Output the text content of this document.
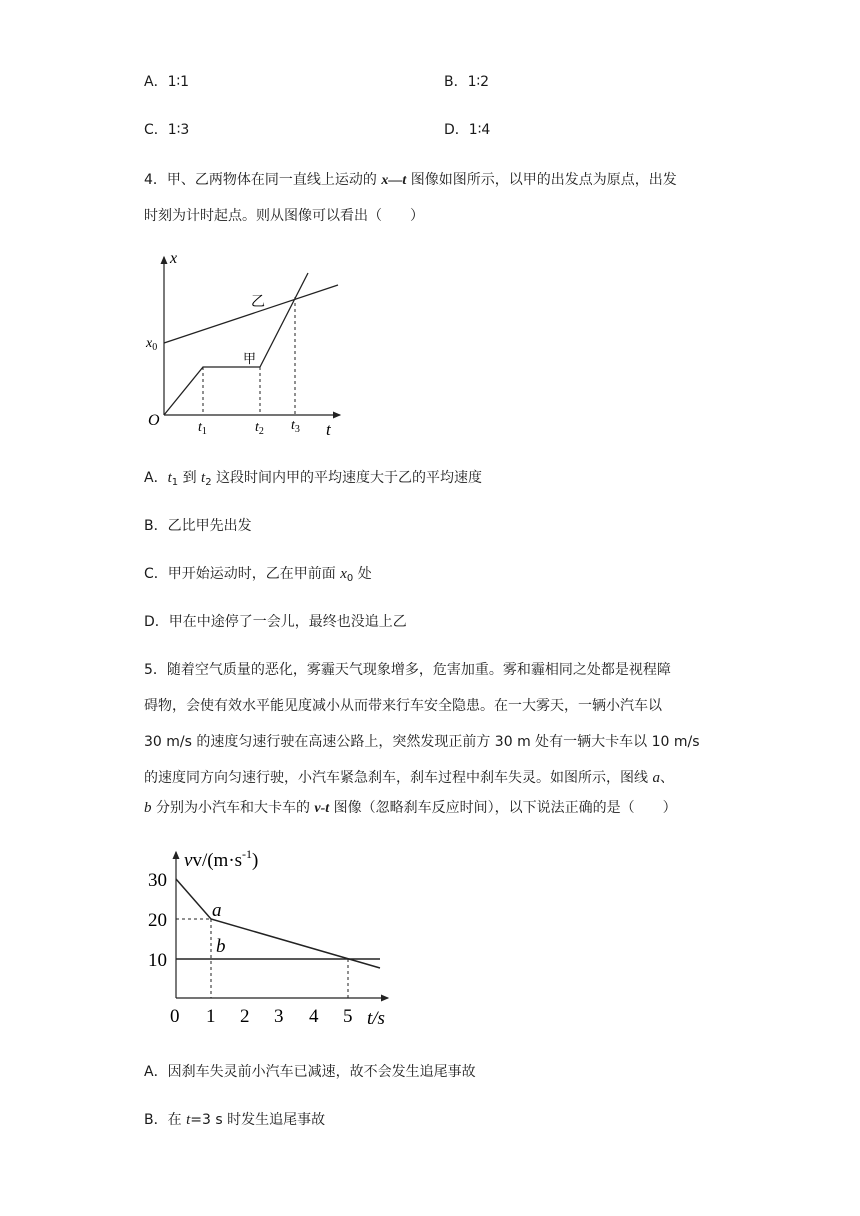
A．1∶1	B．1∶2
C．1∶3	D．1∶4
4．甲、乙两物体在同一直线上运动的 x—t 图像如图所示，以甲的出发点为原点，出发
时刻为计时起点。则从图像可以看出（　　）
x
t
O
$x_0$
$t_1$	$t_2$ $t_3$
甲
乙
A．$t_1$ 到 $t_2$ 这段时间内甲的平均速度大于乙的平均速度
B．乙比甲先出发
C．甲开始运动时，乙在甲前面 $x_0$ 处
D．甲在中途停了一会儿，最终也没追上乙
5．随着空气质量的恶化，雾霾天气现象增多，危害加重。雾和霾相同之处都是视程障
碍物，会使有效水平能见度减小从而带来行车安全隐患。在一大雾天，一辆小汽车以
30 m/s 的速度匀速行驶在高速公路上，突然发现正前方 30 m 处有一辆大卡车以 10 m/s
的速度同方向匀速行驶，小汽车紧急刹车，刹车过程中刹车失灵。如图所示，图线 a、
b 分别为小汽车和大卡车的 v-t 图像（忽略刹车反应时间），以下说法正确的是（　　）
$vv/(m\cdot s^{-1})$
t/s
30
20
10
0 1 2 3 4 5
a
b
A．因刹车失灵前小汽车已减速，故不会发生追尾事故
B．在 t=3 s 时发生追尾事故
